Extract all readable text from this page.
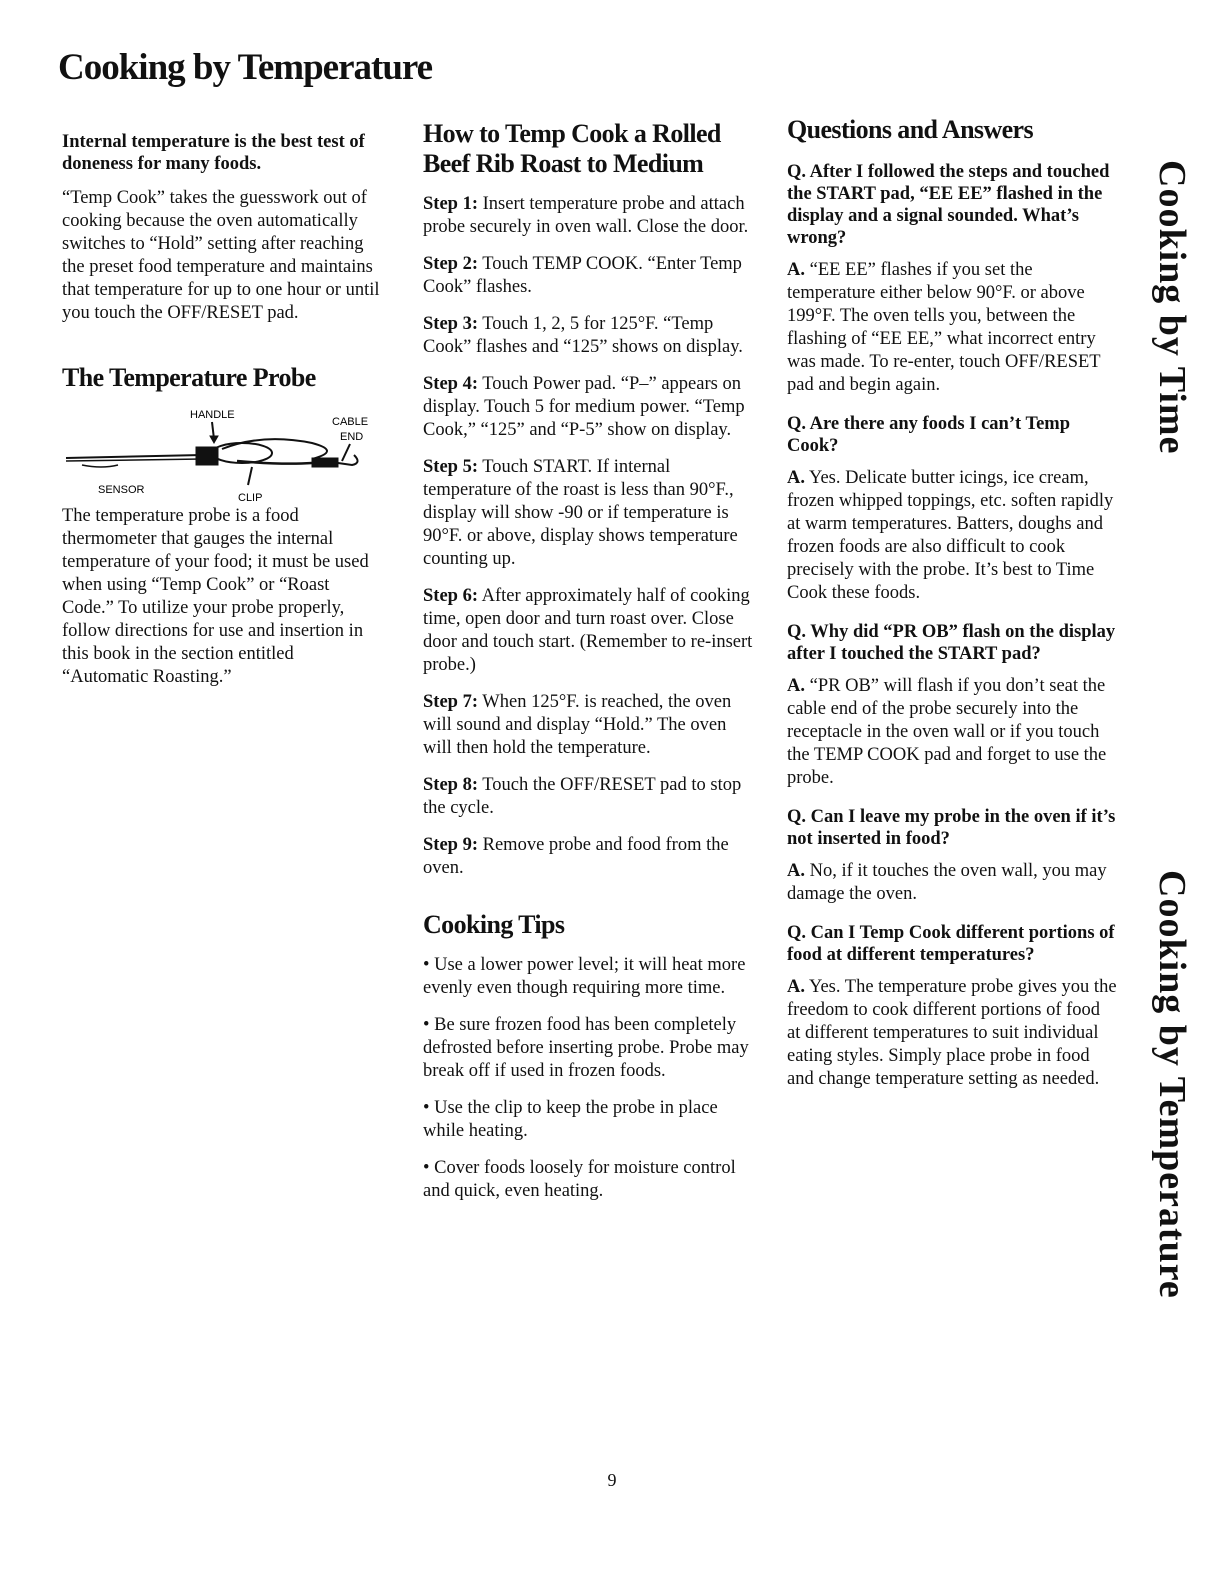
Cooking by Temperature

Internal temperature is the best test of doneness for many foods.

“Temp Cook” takes the guesswork out of cooking because the oven automatically switches to “Hold” setting after reaching the preset food temperature and maintains that temperature for up to one hour or until you touch the OFF/RESET pad.

The Temperature Probe
HANDLE
CABLE
END
SENSOR
CLIP

The temperature probe is a food thermometer that gauges the internal temperature of your food; it must be used when using “Temp Cook” or “Roast Code.” To utilize your probe properly, follow directions for use and insertion in this book in the section entitled “Automatic Roasting.”

How to Temp Cook a Rolled Beef Rib Roast to Medium

Step 1: Insert temperature probe and attach probe securely in oven wall. Close the door.

Step 2: Touch TEMP COOK. “Enter Temp Cook” flashes.

Step 3: Touch 1, 2, 5 for 125°F. “Temp Cook” flashes and “125” shows on display.

Step 4: Touch Power pad. “P–” appears on display. Touch 5 for medium power. “Temp Cook,” “125” and “P-5” show on display.

Step 5: Touch START. If internal temperature of the roast is less than 90°F., display will show -90 or if temperature is 90°F. or above, display shows temperature counting up.

Step 6: After approximately half of cooking time, open door and turn roast over. Close door and touch start. (Remember to re-insert probe.)

Step 7: When 125°F. is reached, the oven will sound and display “Hold.” The oven will then hold the temperature.

Step 8: Touch the OFF/RESET pad to stop the cycle.

Step 9: Remove probe and food from the oven.

Cooking Tips

• Use a lower power level; it will heat more evenly even though requiring more time.

• Be sure frozen food has been completely defrosted before inserting probe. Probe may break off if used in frozen foods.

• Use the clip to keep the probe in place while heating.

• Cover foods loosely for moisture control and quick, even heating.

Questions and Answers

Q. After I followed the steps and touched the START pad, “EE EE” flashed in the display and a signal sounded. What’s wrong?

A. “EE EE” flashes if you set the temperature either below 90°F. or above 199°F. The oven tells you, between the flashing of “EE EE,” what incorrect entry was made. To re-enter, touch OFF/RESET pad and begin again.

Q. Are there any foods I can’t Temp Cook?

A. Yes. Delicate butter icings, ice cream, frozen whipped toppings, etc. soften rapidly at warm temperatures. Batters, doughs and frozen foods are also difficult to cook precisely with the probe. It’s best to Time Cook these foods.

Q. Why did “PR OB” flash on the display after I touched the START pad?

A. “PR OB” will flash if you don’t seat the cable end of the probe securely into the receptacle in the oven wall or if you touch the TEMP COOK pad and forget to use the probe.

Q. Can I leave my probe in the oven if it’s not inserted in food?

A. No, if it touches the oven wall, you may damage the oven.

Q. Can I Temp Cook different portions of food at different temperatures?

A. Yes. The temperature probe gives you the freedom to cook different portions of food at different temperatures to suit individual eating styles. Simply place probe in food and change temperature setting as needed.

Cooking by Time
Cooking by Temperature
9
